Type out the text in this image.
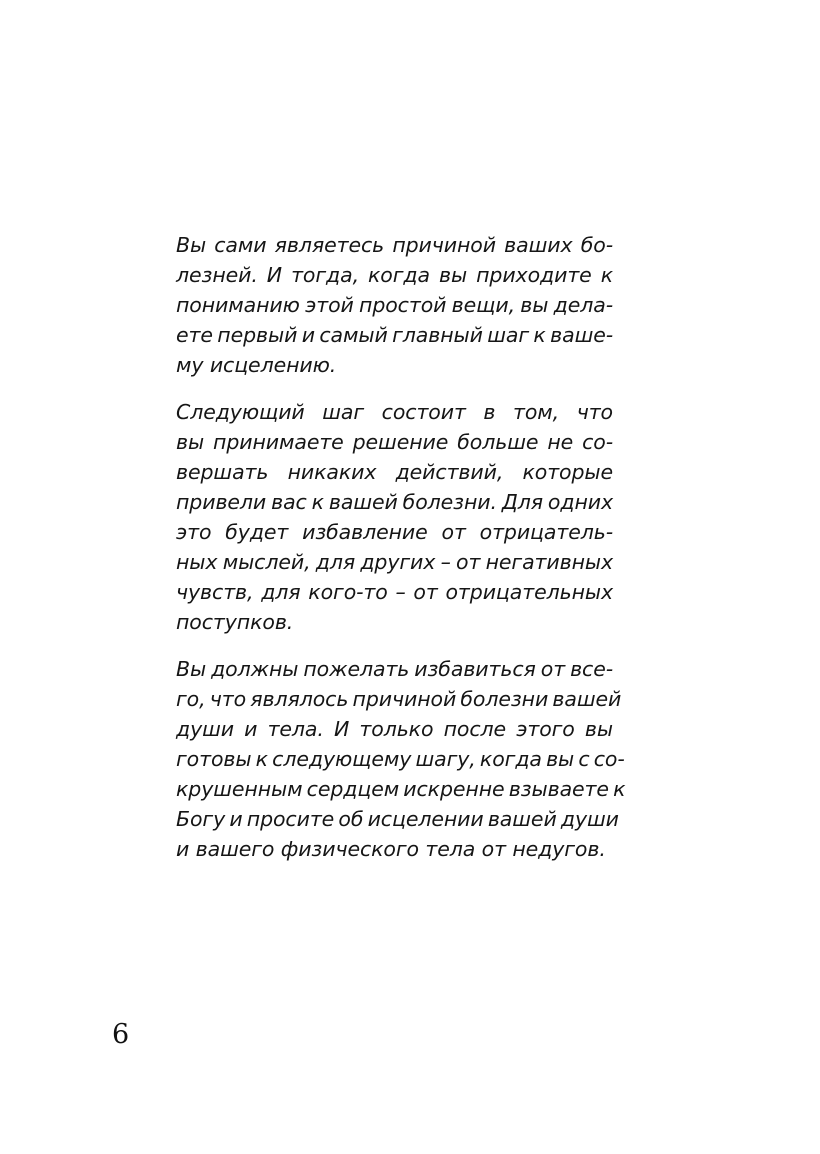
Вы сами являетесь причиной ваших бо-
лезней. И тогда, когда вы приходите к
пониманию этой простой вещи, вы дела-
ете первый и самый главный шаг к ваше-
му исцелению.

Следующий шаг состоит в том, что
вы принимаете решение больше не со-
вершать никаких действий, которые
привели вас к вашей болезни. Для одних
это будет избавление от отрицатель-
ных мыслей, для других – от негативных
чувств, для кого-то – от отрицательных
поступков.

Вы должны пожелать избавиться от все-
го, что являлось причиной болезни вашей
души и тела. И только после этого вы
готовы к следующему шагу, когда вы с со-
крушенным сердцем искренне взываете к
Богу и просите об исцелении вашей души
и вашего физического тела от недугов.

6
